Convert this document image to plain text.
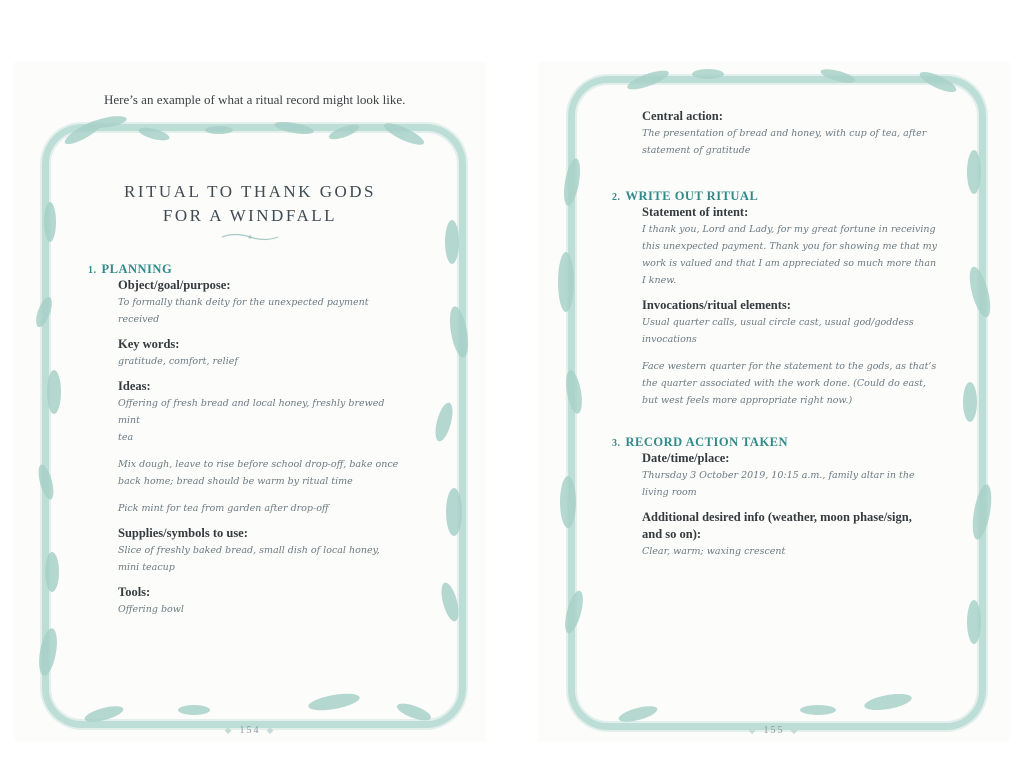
Here’s an example of what a ritual record might look like.

RITUAL TO THANK GODS
FOR A WINDFALL
1. PLANNING

Object/goal/purpose:

To formally thank deity for the unexpected payment received

Key words:

gratitude, comfort, relief

Ideas:

Offering of fresh bread and local honey, freshly brewed mint
tea

Mix dough, leave to rise before school drop-off, bake once
back home; bread should be warm by ritual time

Pick mint for tea from garden after drop-off

Supplies/symbols to use:

Slice of freshly baked bread, small dish of local honey,
mini teacup

Tools:

Offering bowl

◆ 154 ◆

Central action:

The presentation of bread and honey, with cup of tea, after
statement of gratitude

2. WRITE OUT RITUAL

Statement of intent:

I thank you, Lord and Lady, for my great fortune in receiving
this unexpected payment. Thank you for showing me that my
work is valued and that I am appreciated so much more than
I knew.

Invocations/ritual elements:

Usual quarter calls, usual circle cast, usual god/goddess
invocations

Face western quarter for the statement to the gods, as that’s
the quarter associated with the work done. (Could do east,
but west feels more appropriate right now.)

3. RECORD ACTION TAKEN

Date/time/place:

Thursday 3 October 2019, 10:15 a.m., family altar in the
living room

Additional desired info (weather, moon phase/sign,

and so on):

Clear, warm; waxing crescent

◆ 155 ◆
